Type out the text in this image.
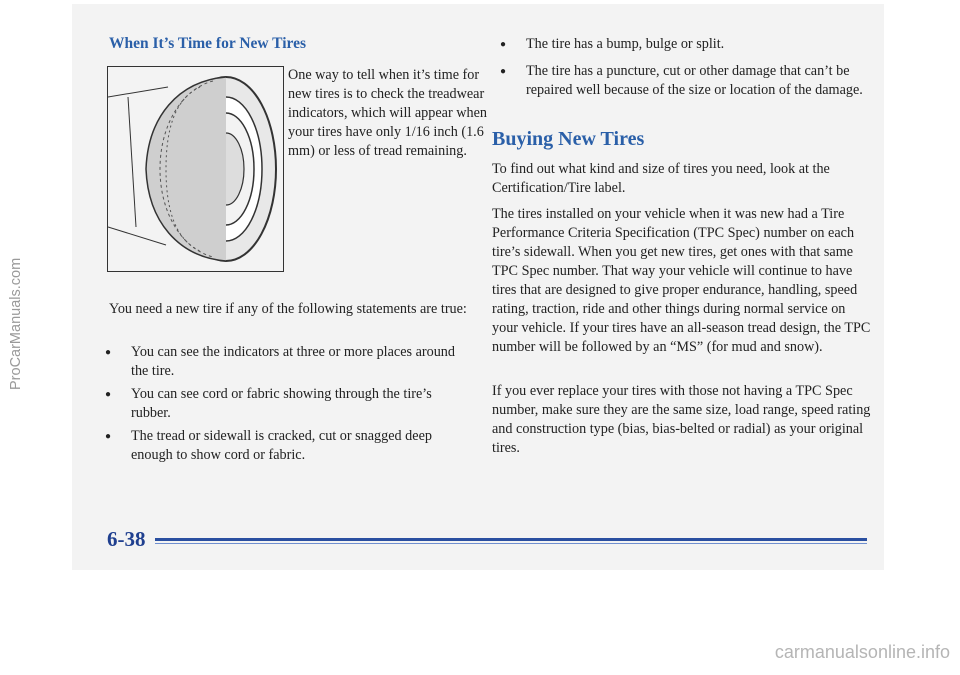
When It’s Time for New Tires
One way to tell when it’s time for new tires is to check the treadwear indicators, which will appear when your tires have only 1/16 inch (1.6 mm) or less of tread remaining.
You need a new tire if any of the following statements are true:
● You can see the indicators at three or more places around the tire.
● You can see cord or fabric showing through the tire’s rubber.
● The tread or sidewall is cracked, cut or snagged deep enough to show cord or fabric.
● The tire has a bump, bulge or split.
● The tire has a puncture, cut or other damage that can’t be repaired well because of the size or location of the damage.
Buying New Tires
To find out what kind and size of tires you need, look at the Certification/Tire label.
The tires installed on your vehicle when it was new had a Tire Performance Criteria Specification (TPC Spec) number on each tire’s sidewall. When you get new tires, get ones with that same TPC Spec number. That way your vehicle will continue to have tires that are designed to give proper endurance, handling, speed rating, traction, ride and other things during normal service on your vehicle. If your tires have an all-season tread design, the TPC number will be followed by an “MS” (for mud and snow).
If you ever replace your tires with those not having a TPC Spec number, make sure they are the same size, load range, speed rating and construction type (bias, bias-belted or radial) as your original tires.
6-38
ProCarManuals.com
carmanualsonline.info
